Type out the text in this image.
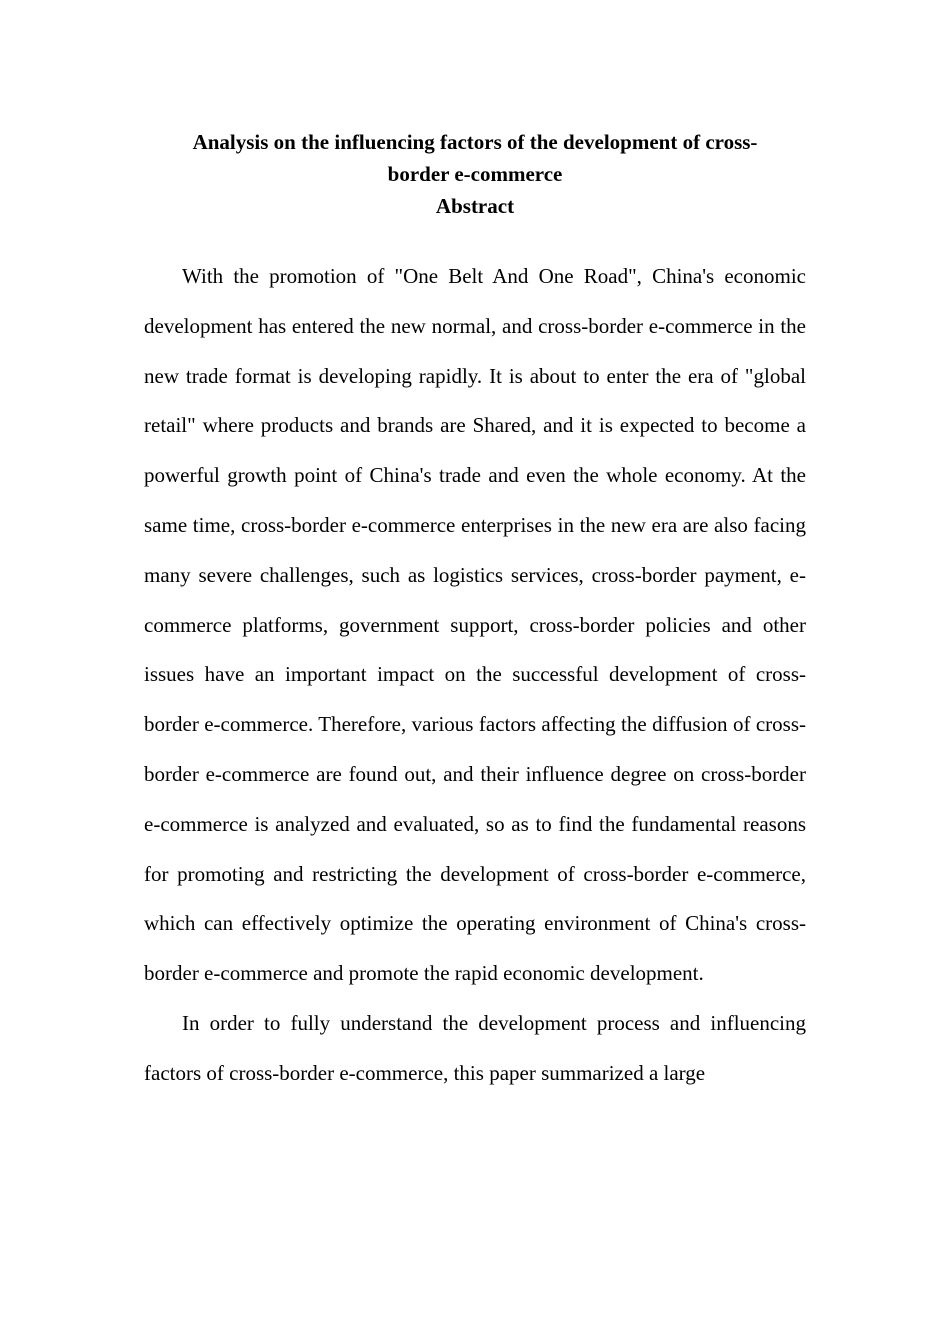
Analysis on the influencing factors of the development of cross-
border e-commerce
Abstract

With the promotion of "One Belt And One Road", China's economic development has entered the new normal, and cross-border e-commerce in the new trade format is developing rapidly. It is about to enter the era of "global retail" where products and brands are Shared, and it is expected to become a powerful growth point of China's trade and even the whole economy. At the same time, cross-border e-commerce enterprises in the new era are also facing many severe challenges, such as logistics services, cross-border payment, e-commerce platforms, government support, cross-border policies and other issues have an important impact on the successful development of cross-border e-commerce. Therefore, various factors affecting the diffusion of cross-border e-commerce are found out, and their influence degree on cross-border e-commerce is analyzed and evaluated, so as to find the fundamental reasons for promoting and restricting the development of cross-border e-commerce, which can effectively optimize the operating environment of China's cross-border e-commerce and promote the rapid economic development.

In order to fully understand the development process and influencing factors of cross-border e-commerce, this paper summarized a large
